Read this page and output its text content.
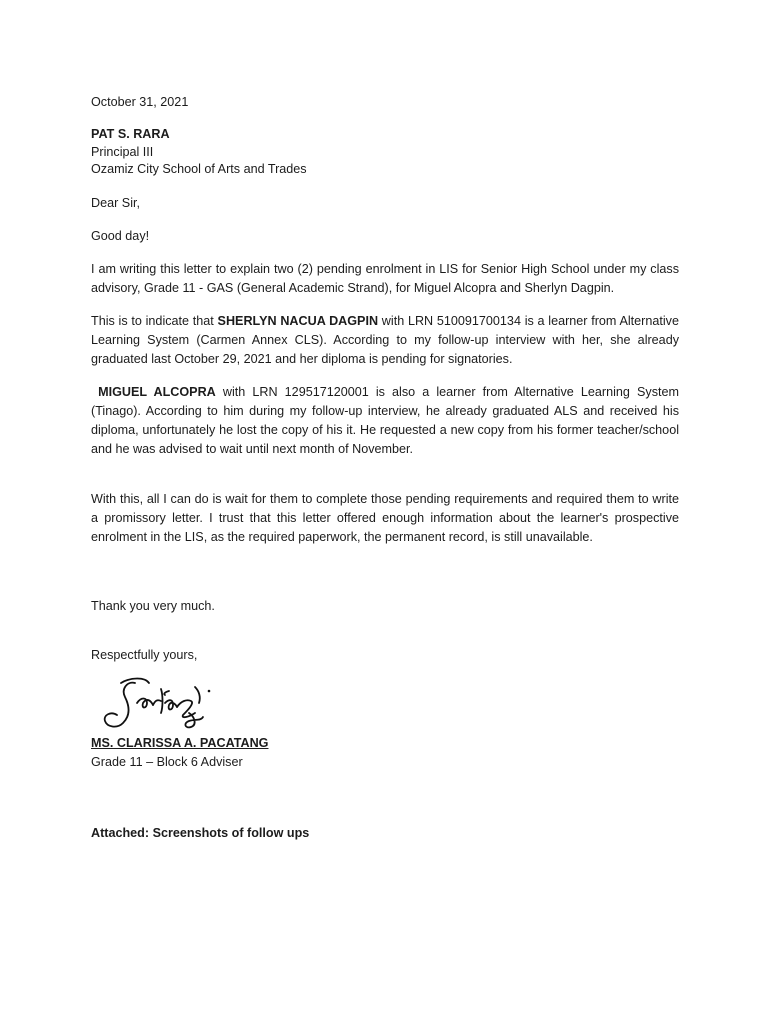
October 31, 2021
PAT S. RARA
Principal III
Ozamiz City School of Arts and Trades
Dear Sir,
Good day!

I am writing this letter to explain two (2) pending enrolment in LIS for Senior High School under my class advisory, Grade 11 - GAS (General Academic Strand), for Miguel Alcopra and Sherlyn Dagpin.

This is to indicate that SHERLYN NACUA DAGPIN with LRN 510091700134 is a learner from Alternative Learning System (Carmen Annex CLS). According to my follow-up interview with her, she already graduated last October 29, 2021 and her diploma is pending for signatories.

MIGUEL ALCOPRA with LRN 129517120001 is also a learner from Alternative Learning System (Tinago). According to him during my follow-up interview, he already graduated ALS and received his diploma, unfortunately he lost the copy of his it. He requested a new copy from his former teacher/school and he was advised to wait until next month of November.

With this, all I can do is wait for them to complete those pending requirements and required them to write a promissory letter. I trust that this letter offered enough information about the learner's prospective enrolment in the LIS, as the required paperwork, the permanent record, is still unavailable.

Thank you very much.
Respectfully yours,
MS. CLARISSA A. PACATANG
Grade 11 – Block 6 Adviser
Attached: Screenshots of follow ups
